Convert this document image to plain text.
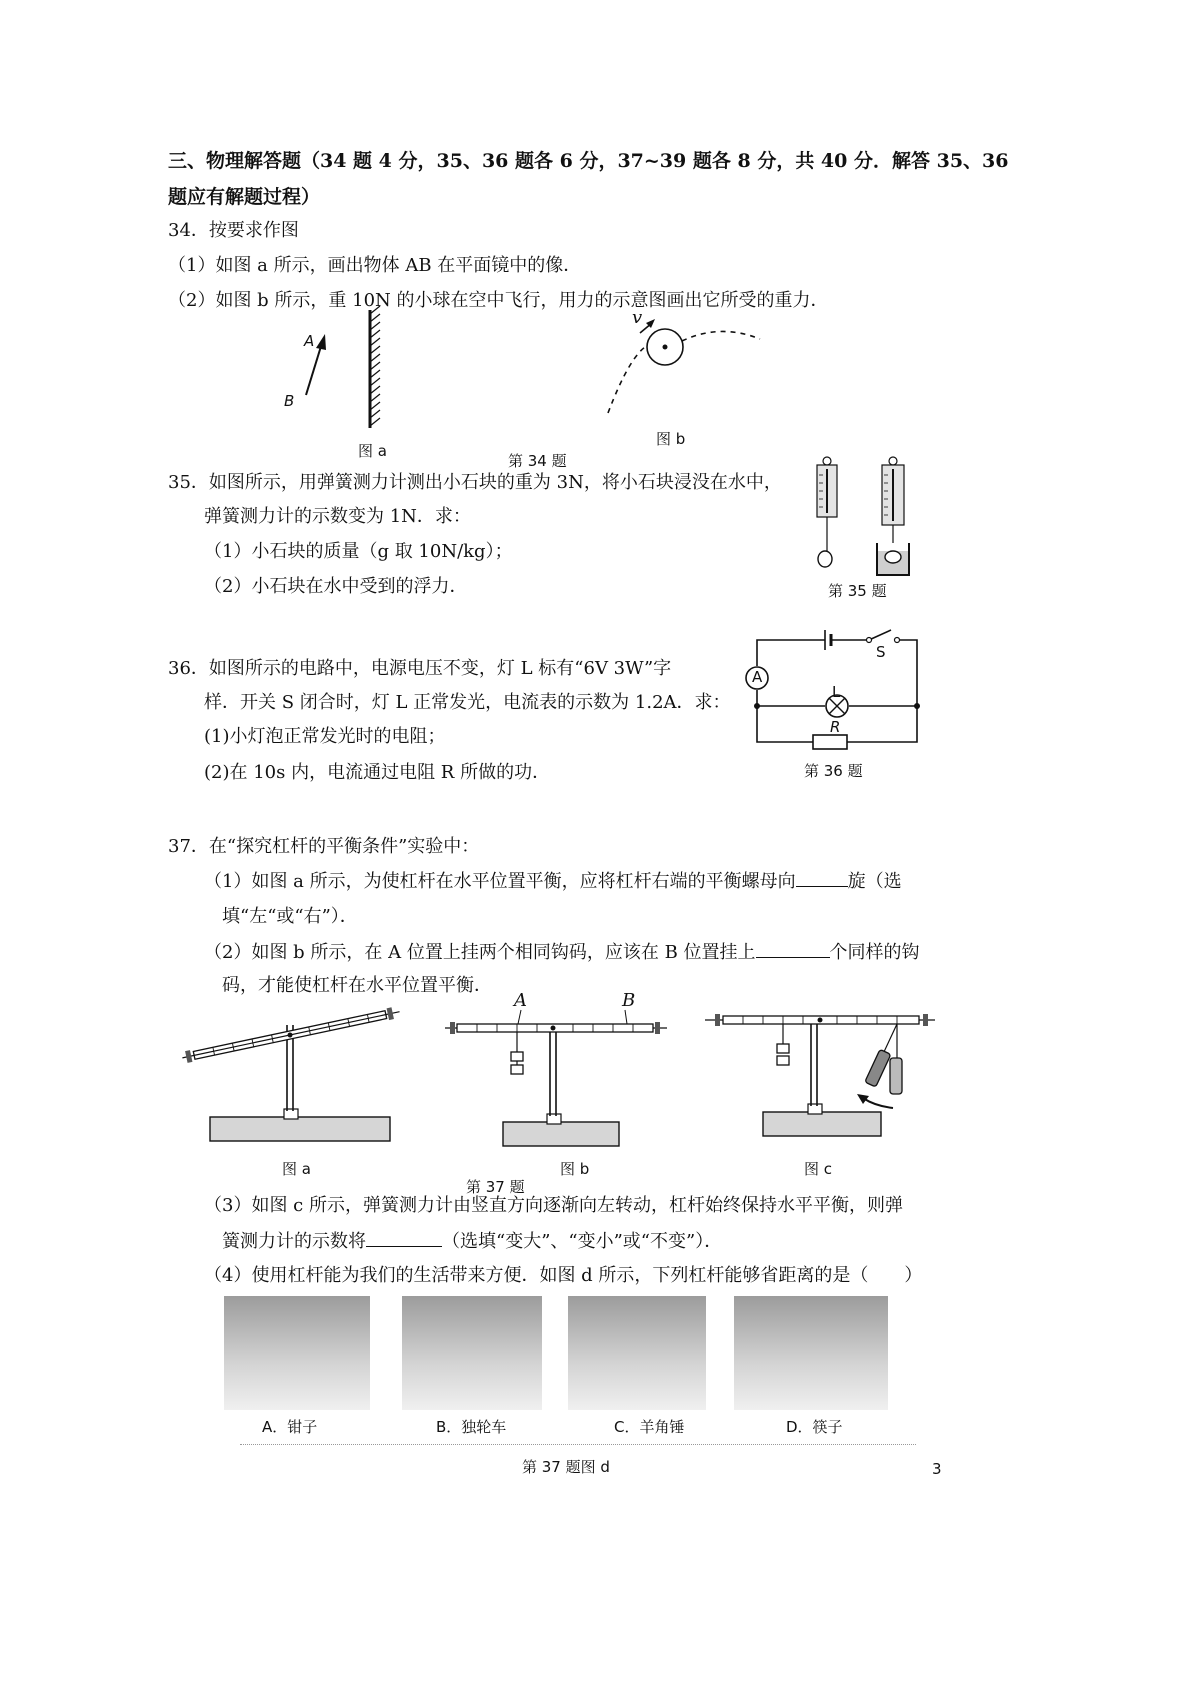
三、物理解答题（34 题 4 分，35、36 题各 6 分，37~39 题各 8 分，共 40 分．解答 35、36
题应有解题过程）
34．按要求作图
（1）如图 a 所示，画出物体 AB 在平面镜中的像．
（2）如图 b 所示，重 10N 的小球在空中飞行，用力的示意图画出它所受的重力．
A
B
图 a
v
图 b
第 34 题
35．如图所示，用弹簧测力计测出小石块的重为 3N，将小石块浸没在水中，
弹簧测力计的示数变为 1N．求：
（1）小石块的质量（g 取 10N/kg）；
（2）小石块在水中受到的浮力．	第 35 题
36．如图所示的电路中，电源电压不变，灯 L 标有“6V 3W”字
样．开关 S 闭合时，灯 L 正常发光，电流表的示数为 1.2A．求：
(1)小灯泡正常发光时的电阻；
(2)在 10s 内，电流通过电阻 R 所做的功．
S
A
L
R
第 36 题
37．在“探究杠杆的平衡条件”实验中：
（1）如图 a 所示，为使杠杆在水平位置平衡，应将杠杆右端的平衡螺母向	旋（选
填“左“或“右”）．
（2）如图 b 所示，在 A 位置上挂两个相同钩码，应该在 B 位置挂上	个同样的钩
码，才能使杠杆在水平位置平衡．
图 a
A	B
图 b
第 37 题
图 c
（3）如图 c 所示，弹簧测力计由竖直方向逐渐向左转动，杠杆始终保持水平平衡，则弹
簧测力计的示数将	（选填“变大”、“变小”或“不变”）．
（4）使用杠杆能为我们的生活带来方便．如图 d 所示，下列杠杆能够省距离的是（　　）
A．钳子	B．独轮车	C．羊角锤	D．筷子
第 37 题图 d	3
